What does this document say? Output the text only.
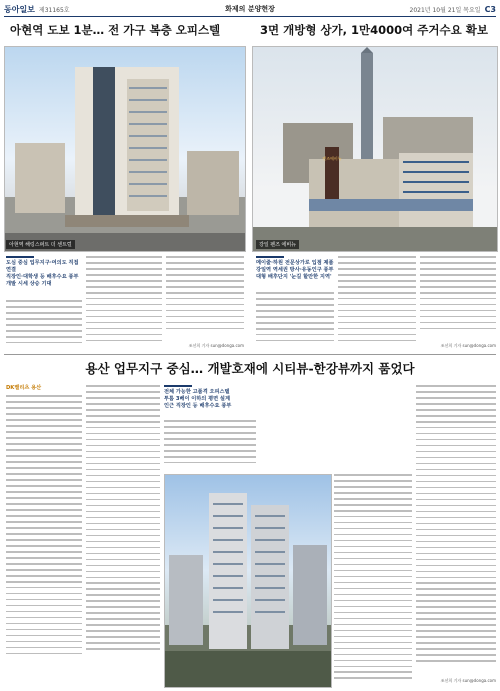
동아일보 제31165호	화제의 분양현장	2021년 10월 21일 목요일 C3
아현역 도보 1분… 전 가구 복층 오피스텔
아현역 해링스퍼트 더 센트럴
도심 중심 업무지구·여의도 직접
연결
직장인·대학생 등 배후수요 풍부
개발 시세 상승 기대
조선희 기자 sun@donga.com
3면 개방형 상가, 1만4000여 주거수요 확보
펜즈에비뉴
강일 펜즈 에비뉴
메이줄·하원 전문상가로 입점 제품
강일역 역세권 방사·유동인구 풍부
대형 배후단지 '눈길 할만한 지역'
조선희 기자 sun@donga.com
용산 업무지구 중심… 개발호재에 시티뷰-한강뷰까지 품었다
DK밸리츠 용산
전체 가능한 고품격 오피스텔
투룸 3베이 이하의 평면 설계
인근 직장인 등 배후수요 풍부
조선희 기자 sun@donga.com
